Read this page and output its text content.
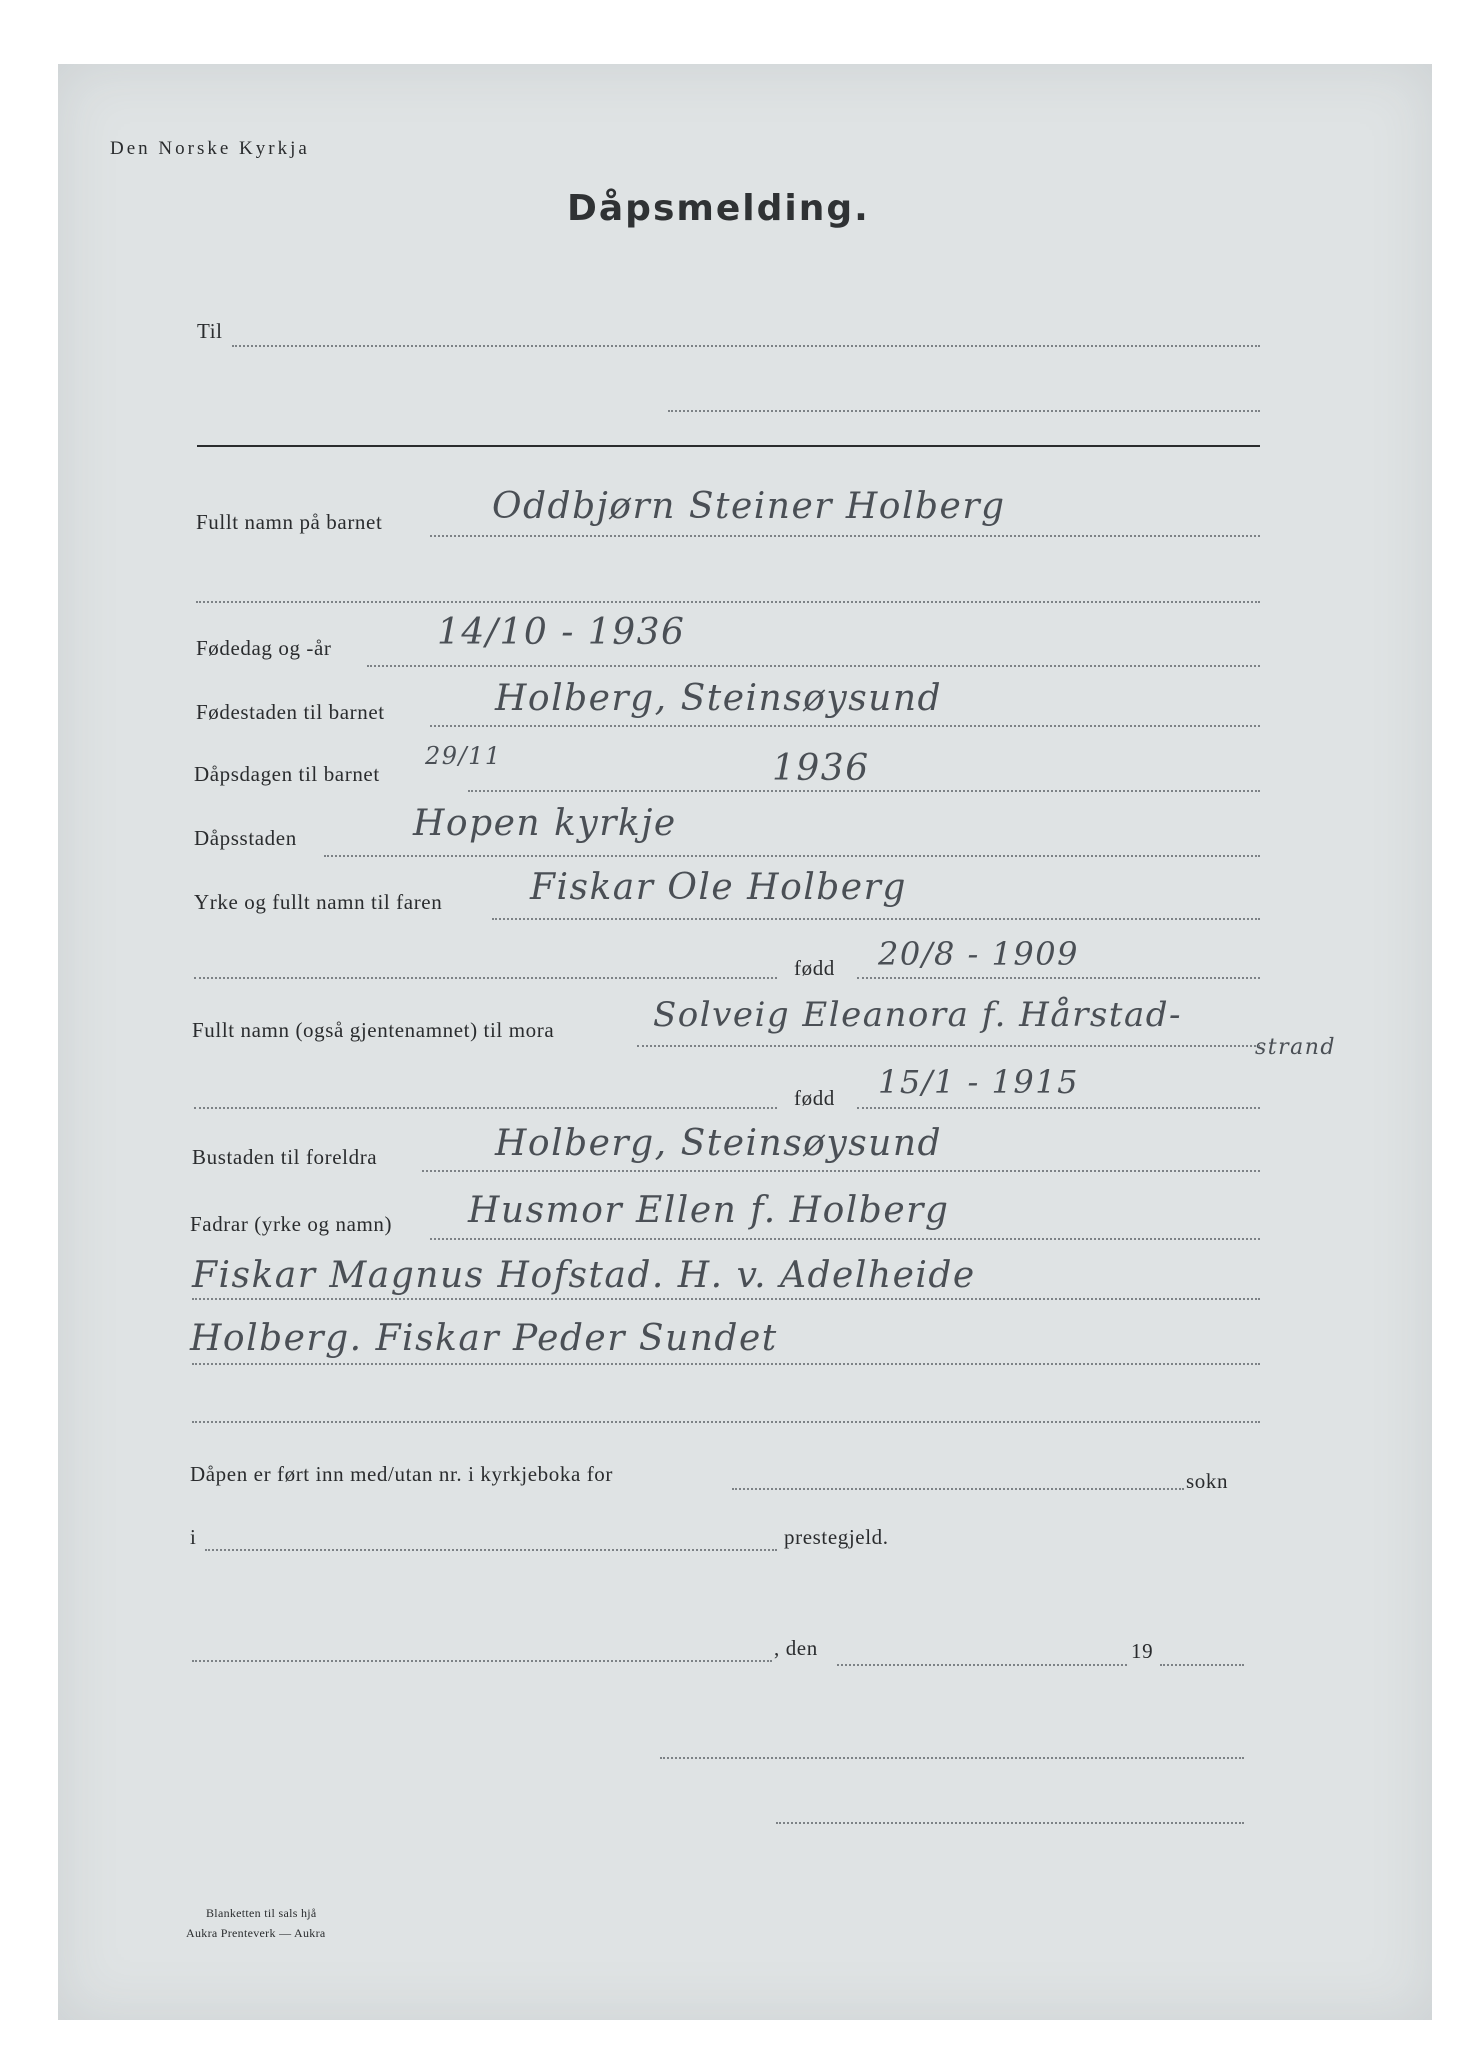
Den Norske Kyrkja
Dåpsmelding.
Til
Fullt namn på barnet	Oddbjørn Steiner Holberg
Fødedag og -år	14/10 - 1936
Fødestaden til barnet	Holberg, Steinsøysund
Dåpsdagen til barnet
29/11	1936
Dåpsstaden	Hopen kyrkje
Yrke og fullt namn til faren Fiskar Ole Holberg
fødd 20/8 - 1909
Fullt namn (også gjentenamnet) til mora	Solveig Eleanora f. Hårstad-
strand
fødd 15/1 - 1915
Bustaden til foreldra	Holberg, Steinsøysund
Fadrar (yrke og namn) Husmor Ellen f. Holberg
Fiskar Magnus Hofstad. H. v. Adelheide
Holberg. Fiskar Peder Sundet
Dåpen er ført inn med/utan nr. i kyrkjeboka for	sokn
i	prestegjeld.
, den	19
Blanketten til sals hjå
Aukra Prenteverk — Aukra
